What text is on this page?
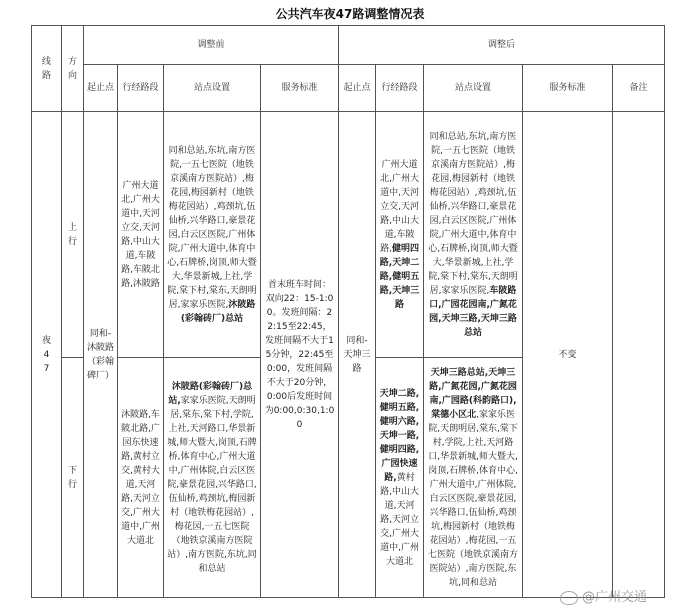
公共汽车夜47路调整情况表
线路	方向	调整前				调整后				
		起止点	行经路段	站点设置	服务标准	起止点	行经路段	站点设置	服务标准	备注

夜47	上行	同和-沐陂路（彩翰碑厂）	广州大道北,广州大道中,天河立交,天河路,中山大道,车陂路,车陂北路,沐陂路	同和总站,东坑,南方医院,一五七医院（地铁京溪南方医院站）,梅花园,梅园新村（地铁梅花园站）,鸡颈坑,伍仙桥,兴华路口,豪景花园,白云区医院,广州体院,广州大道中,体育中心,石牌桥,岗顶,师大暨大,华景新城,上社,学院,棠下村,棠东,天朗明居,家家乐医院,沐陂路(彩翰砖厂)总站	首末班车时间：双向22：15-1:00。发班间隔：22:15至22:45，发班间隔不大于15分钟，22:45至0:00，发班间隔不大于20分钟，0:00后发班时间为0:00,0:30,1:00	同和-天坤三路	广州大道北,广州大道中,天河立交,天河路,中山大道,车陂路,健明四路,天坤二路,健明五路,天坤三路	同和总站,东坑,南方医院,一五七医院（地铁京溪南方医院站）,梅花园,梅园新村（地铁梅花园站）,鸡颈坑,伍仙桥,兴华路口,豪景花园,白云区医院,广州体院,广州大道中,体育中心,石牌桥,岗顶,师大暨大,华景新城,上社,学院,棠下村,棠东,天朗明居,家家乐医院,车陂路口,广园花园南,广氮花园,天坤三路,天坤三路总站	不变	

	下行		沐陂路,车陂北路,广园东快速路,黄村立交,黄村大道,天河路,天河立交,广州大道中,广州大道北	沐陂路(彩翰砖厂)总站,家家乐医院,天朗明居,棠东,棠下村,学院,上社,天河路口,华景新城,师大暨大,岗顶,石牌桥,体育中心,广州大道中,广州体院,白云区医院,豪景花园,兴华路口,伍仙桥,鸡颈坑,梅园新村（地铁梅花园站）,梅花园,一五七医院（地铁京溪南方医院站）,南方医院,东坑,同和总站			天坤二路,健明五路,健明六路,天坤一路,健明四路,广园快速路,黄村路,中山大道,天河路,天河立交,广州大道中,广州大道北	天坤三路总站,天坤三路,广氮花园,广氮花园南,广园路(科韵路口),棠德小区北,家家乐医院,天朗明居,棠东,棠下村,学院,上社,天河路口,华景新城,师大暨大,岗顶,石牌桥,体育中心,广州大道中,广州体院,白云区医院,豪景花园,兴华路口,伍仙桥,鸡颈坑,梅园新村（地铁梅花园站）,梅花园,一五七医院（地铁京溪南方医院站）,南方医院,东坑,同和总站		
@广州交通
